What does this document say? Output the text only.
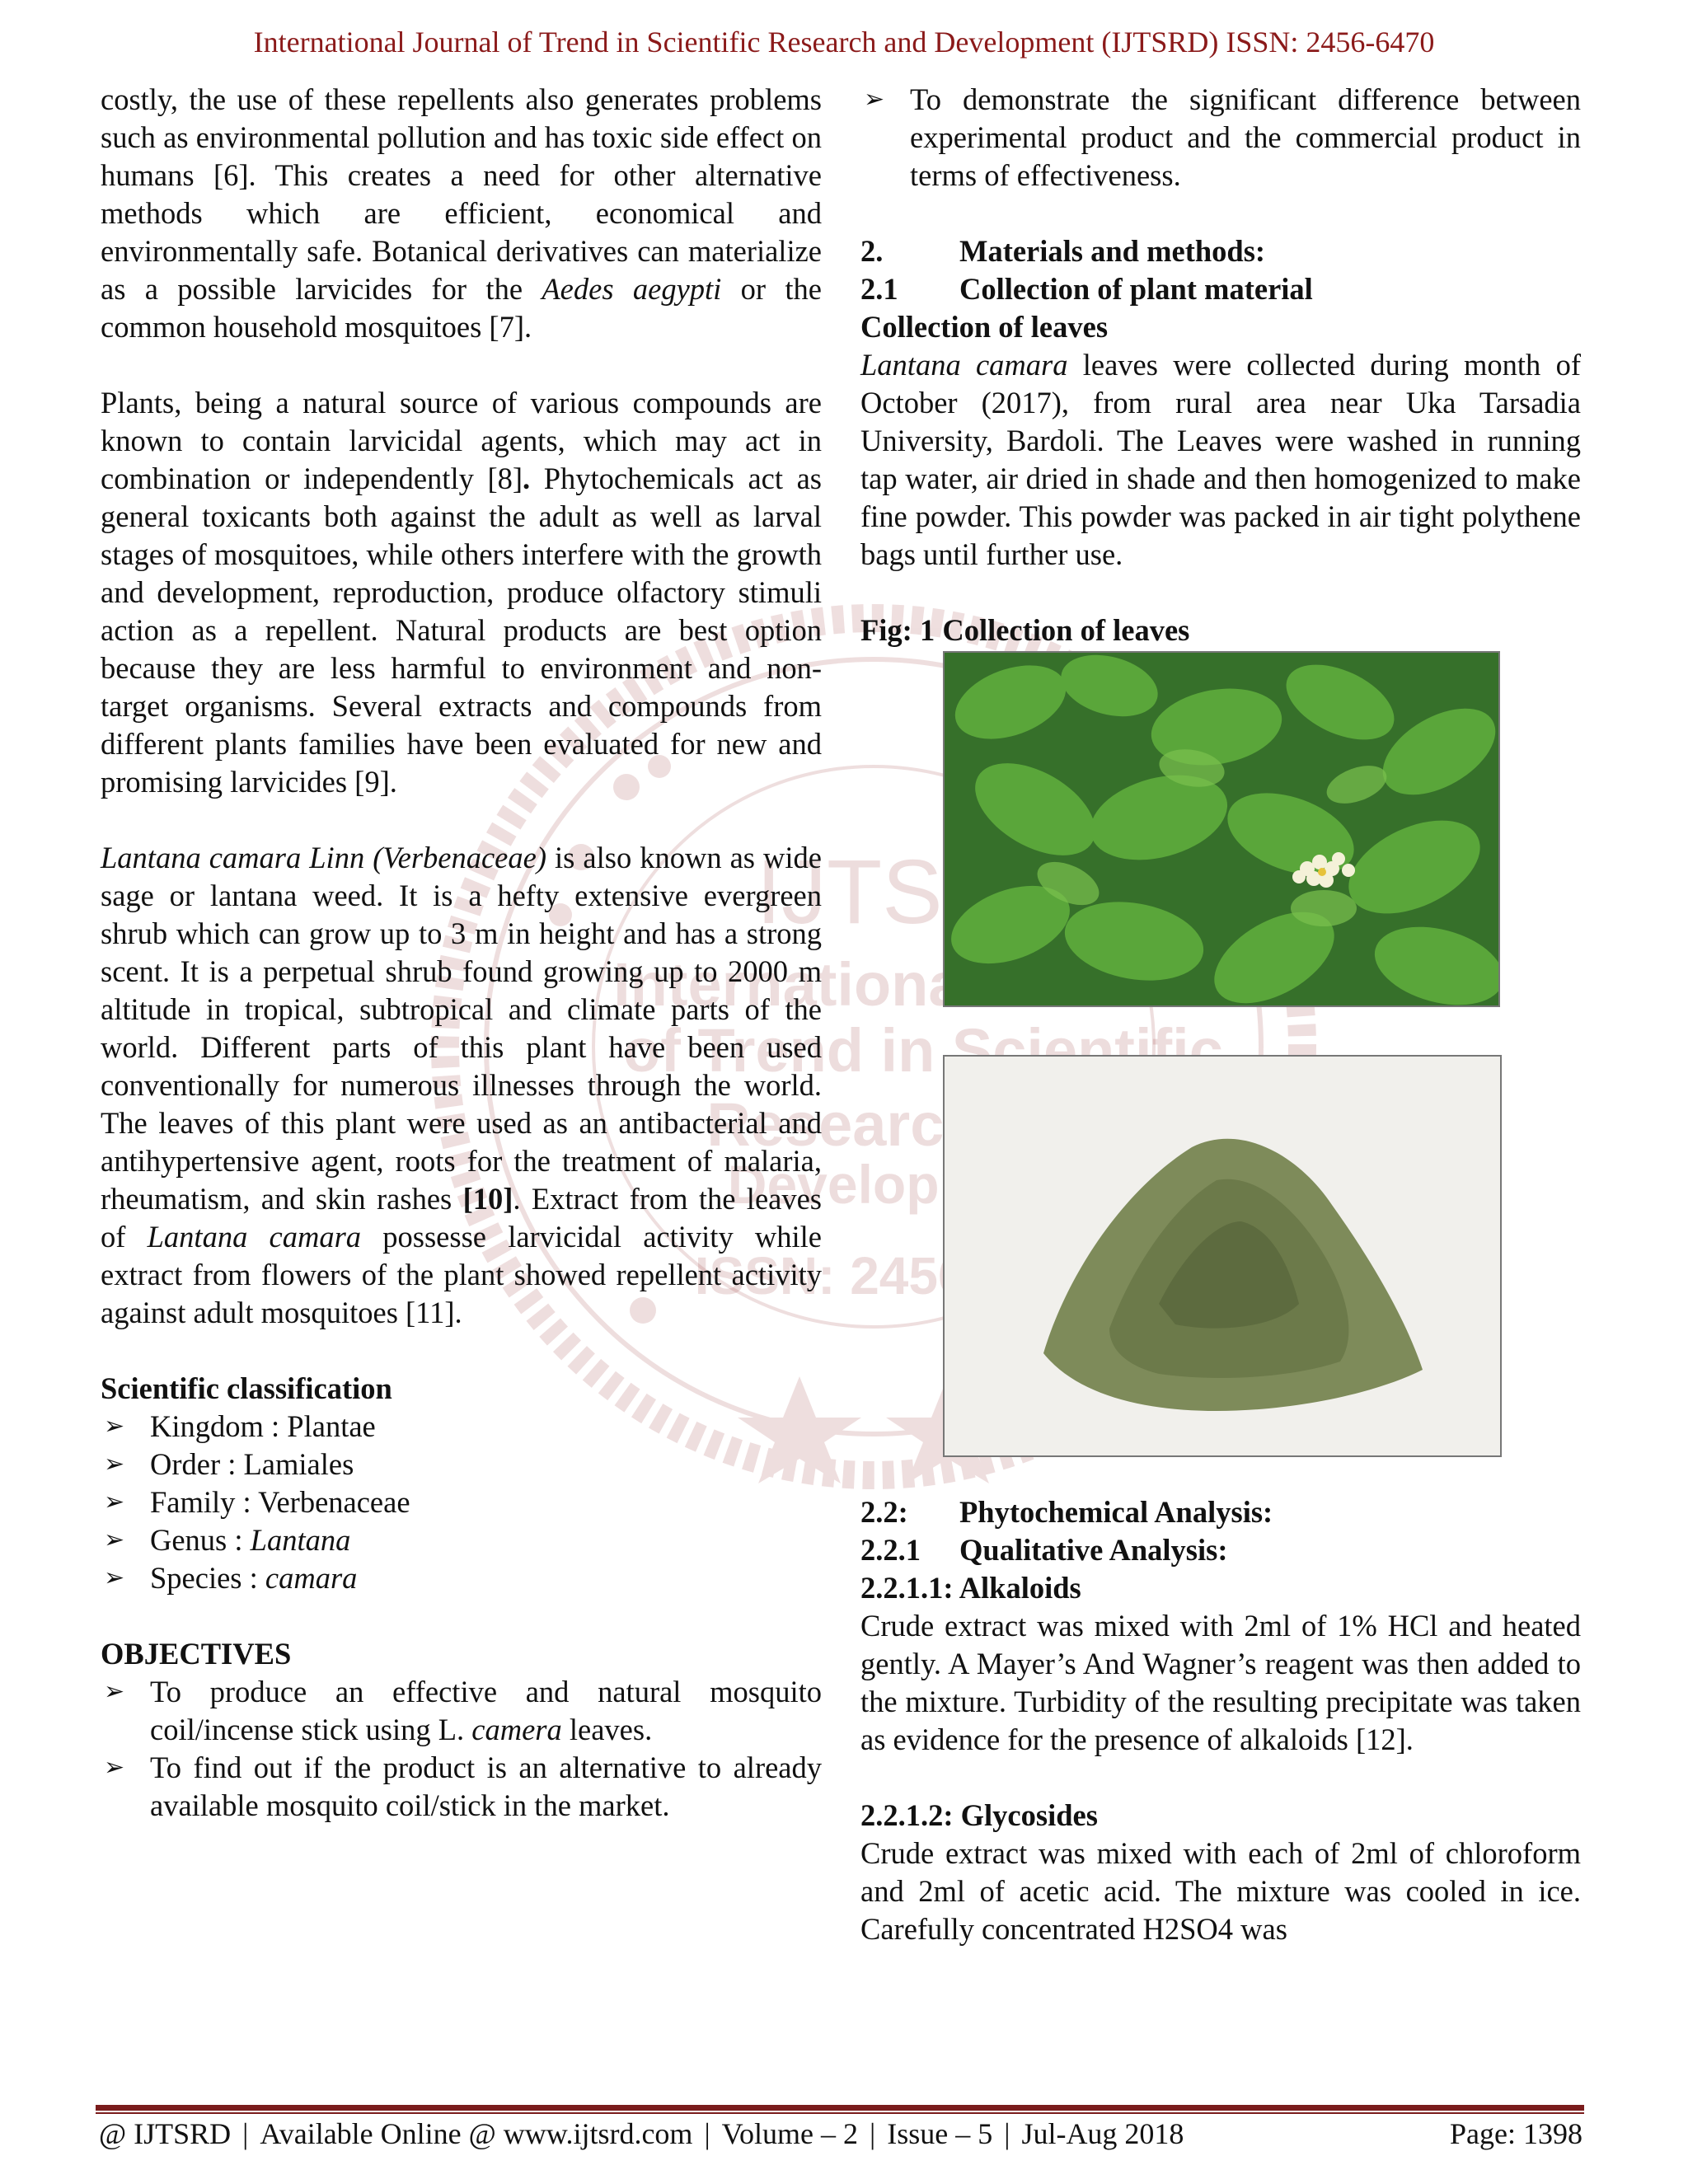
International Journal of Trend in Scientific Research and Development (IJTSRD) ISSN: 2456-6470
IJTSRD
International Journal
of Trend in Scientific
Research and
Development
ISSN: 2456-6470

costly, the use of these repellents also generates problems such as environmental pollution and has toxic side effect on humans [6]. This creates a need for other alternative methods which are efficient, economical and environmentally safe. Botanical derivatives can materialize as a possible larvicides for the Aedes aegypti or the common household mosquitoes [7].

Plants, being a natural source of various compounds are known to contain larvicidal agents, which may act in combination or independently [8]. Phytochemicals act as general toxicants both against the adult as well as larval stages of mosquitoes, while others interfere with the growth and development, reproduction, produce olfactory stimuli action as a repellent. Natural products are best option because they are less harmful to environment and non-target organisms. Several extracts and compounds from different plants families have been evaluated for new and promising larvicides [9].

Lantana camara Linn (Verbenaceae) is also known as wide sage or lantana weed. It is a hefty extensive evergreen shrub which can grow up to 3 m in height and has a strong scent. It is a perpetual shrub found growing up to 2000 m altitude in tropical, subtropical and climate parts of the world. Different parts of this plant have been used conventionally for numerous illnesses through the world. The leaves of this plant were used as an antibacterial and antihypertensive agent, roots for the treatment of malaria, rheumatism, and skin rashes [10]. Extract from the leaves of Lantana camara possesse larvicidal activity while extract from flowers of the plant showed repellent activity against adult mosquitoes [11].

Scientific classification

➢ Kingdom : Plantae
➢ Order : Lamiales
➢ Family : Verbenaceae
➢ Genus : Lantana
➢ Species : camara

OBJECTIVES

➢ To produce an effective and natural mosquito coil/incense stick using L. camera leaves.
➢ To find out if the product is an alternative to already available mosquito coil/stick in the market.
➢ To demonstrate the significant difference between experimental product and the commercial product in terms of effectiveness.

2.	Materials and methods:

2.1	Collection of plant material

Collection of leaves

Lantana camara leaves were collected during month of October (2017), from rural area near Uka Tarsadia University, Bardoli. The Leaves were washed in running tap water, air dried in shade and then homogenized to make fine powder. This powder was packed in air tight polythene bags until further use.

Fig: 1 Collection of leaves

2.2:	Phytochemical Analysis:

2.2.1	Qualitative Analysis:

2.2.1.1: Alkaloids

Crude extract was mixed with 2ml of 1% HCl and heated gently. A Mayer’s And Wagner’s reagent was then added to the mixture. Turbidity of the resulting precipitate was taken as evidence for the presence of alkaloids [12].

2.2.1.2: Glycosides

Crude extract was mixed with each of 2ml of chloroform and 2ml of acetic acid. The mixture was cooled in ice. Carefully concentrated H2SO4 was

@ IJTSRD | Available Online @ www.ijtsrd.com | Volume – 2 | Issue – 5 | Jul-Aug 2018	Page: 1398
